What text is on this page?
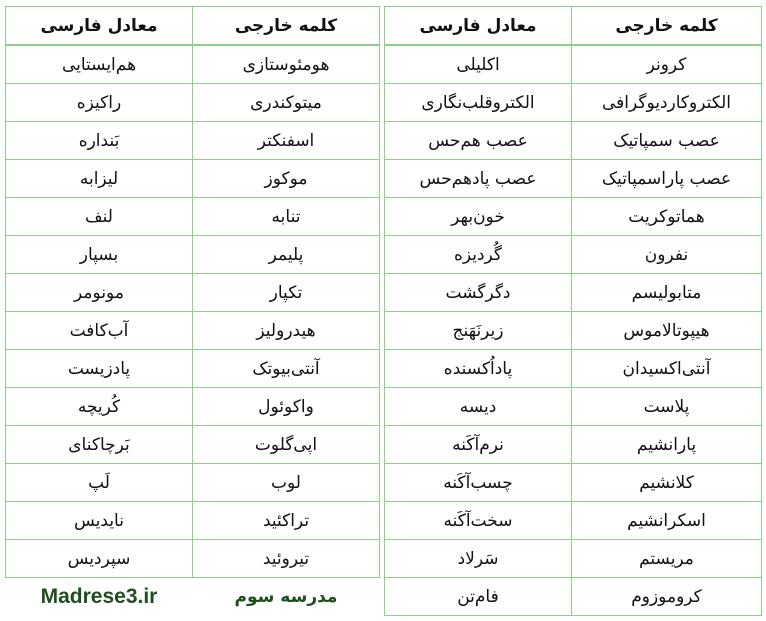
کلمه خارجی	معادل فارسی
کرونر	اکلیلی
الکتروکاردیوگرافی	الکتروقلب‌نگاری
عصب سمپاتیک	عصب هم‌حس
عصب پاراسمپاتیک	عصب پادهم‌حس
هماتوکریت	خون‌بهر
نفرون	گُردیزه
متابولیسم	دگرگشت
هیپوتالاموس	زیرنَهَنج
آنتی‌اکسیدان	پاداُکسنده
پلاست	دیسه
پارانشیم	نرم‌آکَنه
کلانشیم	چسب‌آکَنه
اسکرانشیم	سخت‌آکَنه
مریستم	سَرلاد
کروموزوم	فام‌تن
کلمه خارجی	معادل فارسی
هومئوستازی	هم‌ایستایی
میتوکندری	راکیزه
اسفنکتر	بَنداره
موکوز	لیزابه
تنابه	لنف
پلیمر	بسپار
تکپار	مونومر
هیدرولیز	آب‌کافت
آنتی‌بیوتک	پادزیست
واکوئول	کُریچه
اپی‌گلوت	بَرچاکنای
لوب	لَپ
تراکئید	نایدیس
تیروئید	سپردیس
مدرسه سوم	Madrese3.ir
